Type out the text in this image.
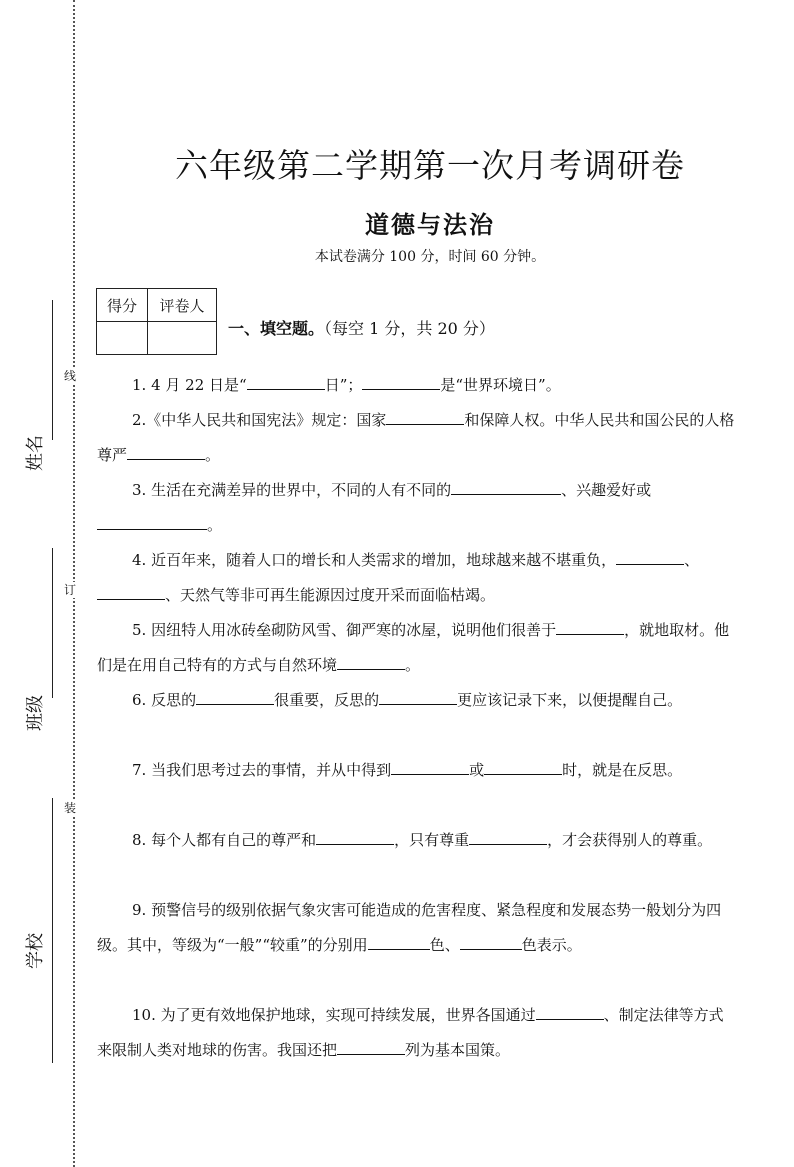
线
订
装
姓名
班级
学校
六年级第二学期第一次月考调研卷
道德与法治
本试卷满分 100 分，时间 60 分钟。
得分	评卷人

一、填空题。（每空 1 分，共 20 分）
1. 4 月 22 日是“	日”；	是“世界环境日”。
2.《中华人民共和国宪法》规定：国家	和保障人权。中华人民共和国公民的人格尊严	。
3. 生活在充满差异的世界中，不同的人有不同的	、兴趣爱好或。
4. 近百年来，随着人口的增长和人类需求的增加，地球越来越不堪重负，	、、天然气等非可再生能源因过度开采而面临枯竭。
5. 因纽特人用冰砖垒砌防风雪、御严寒的冰屋，说明他们很善于	，就地取材。他们是在用自己特有的方式与自然环境	。
6. 反思的	很重要，反思的	更应该记录下来，以便提醒自己。
7. 当我们思考过去的事情，并从中得到	或	时，就是在反思。
8. 每个人都有自己的尊严和	，只有尊重	，才会获得别人的尊重。
9. 预警信号的级别依据气象灾害可能造成的危害程度、紧急程度和发展态势一般划分为四级。其中，等级为“一般”“较重”的分别用	色、	色表示。
10. 为了更有效地保护地球，实现可持续发展，世界各国通过	、制定法律等方式来限制人类对地球的伤害。我国还把	列为基本国策。
